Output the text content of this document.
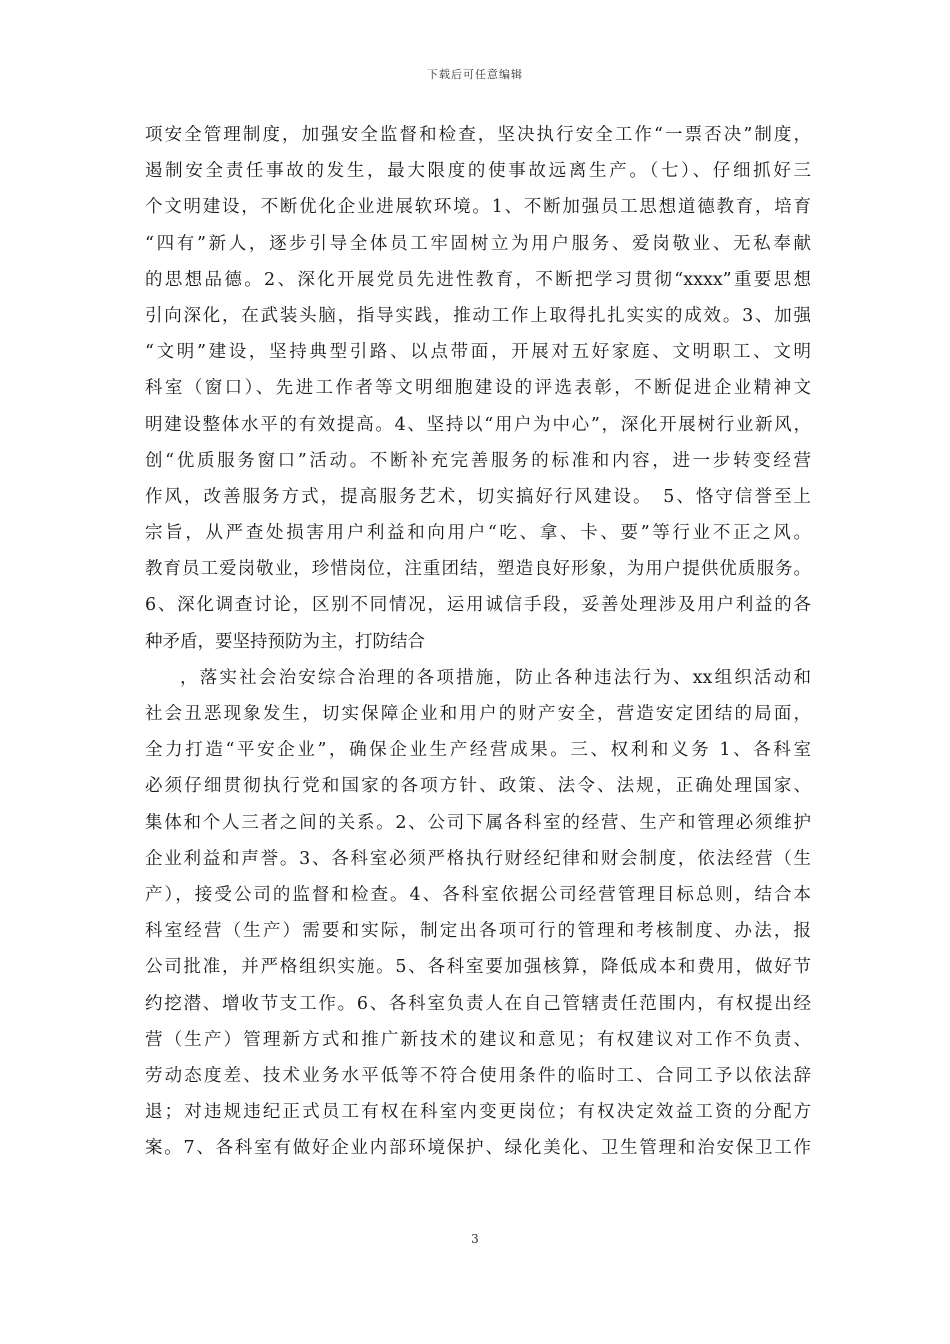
下载后可任意编辑
项安全管理制度，加强安全监督和检查，坚决执行安全工作“一票否决”制度，
遏制安全责任事故的发生，最大限度的使事故远离生产。（七）、仔细抓好三
个文明建设，不断优化企业进展软环境。1、不断加强员工思想道德教育，培育
“四有”新人，逐步引导全体员工牢固树立为用户服务、爱岗敬业、无私奉献
的思想品德。2、深化开展党员先进性教育，不断把学习贯彻“xxxx”重要思想
引向深化，在武装头脑，指导实践，推动工作上取得扎扎实实的成效。3、加强
“文明”建设，坚持典型引路、以点带面，开展对五好家庭、文明职工、文明
科室（窗口）、先进工作者等文明细胞建设的评选表彰，不断促进企业精神文
明建设整体水平的有效提高。4、坚持以“用户为中心”，深化开展树行业新风，
创“优质服务窗口”活动。不断补充完善服务的标准和内容，进一步转变经营
作风，改善服务方式，提高服务艺术，切实搞好行风建设。　5、恪守信誉至上
宗旨，从严查处损害用户利益和向用户“吃、拿、卡、要”等行业不正之风。
教育员工爱岗敬业，珍惜岗位，注重团结，塑造良好形象，为用户提供优质服务。
6、深化调查讨论，区别不同情况，运用诚信手段，妥善处理涉及用户利益的各
种矛盾，要坚持预防为主，打防结合
，落实社会治安综合治理的各项措施，防止各种违法行为、xx组织活动和
社会丑恶现象发生，切实保障企业和用户的财产安全，营造安定团结的局面，
全力打造“平安企业”，确保企业生产经营成果。三、权利和义务 1、各科室
必须仔细贯彻执行党和国家的各项方针、政策、法令、法规，正确处理国家、
集体和个人三者之间的关系。2、公司下属各科室的经营、生产和管理必须维护
企业利益和声誉。3、各科室必须严格执行财经纪律和财会制度，依法经营（生
产），接受公司的监督和检查。4、各科室依据公司经营管理目标总则，结合本
科室经营（生产）需要和实际，制定出各项可行的管理和考核制度、办法，报
公司批准，并严格组织实施。5、各科室要加强核算，降低成本和费用，做好节
约挖潜、增收节支工作。6、各科室负责人在自己管辖责任范围内，有权提出经
营（生产）管理新方式和推广新技术的建议和意见；有权建议对工作不负责、
劳动态度差、技术业务水平低等不符合使用条件的临时工、合同工予以依法辞
退；对违规违纪正式员工有权在科室内变更岗位；有权决定效益工资的分配方
案。7、各科室有做好企业内部环境保护、绿化美化、卫生管理和治安保卫工作
3
